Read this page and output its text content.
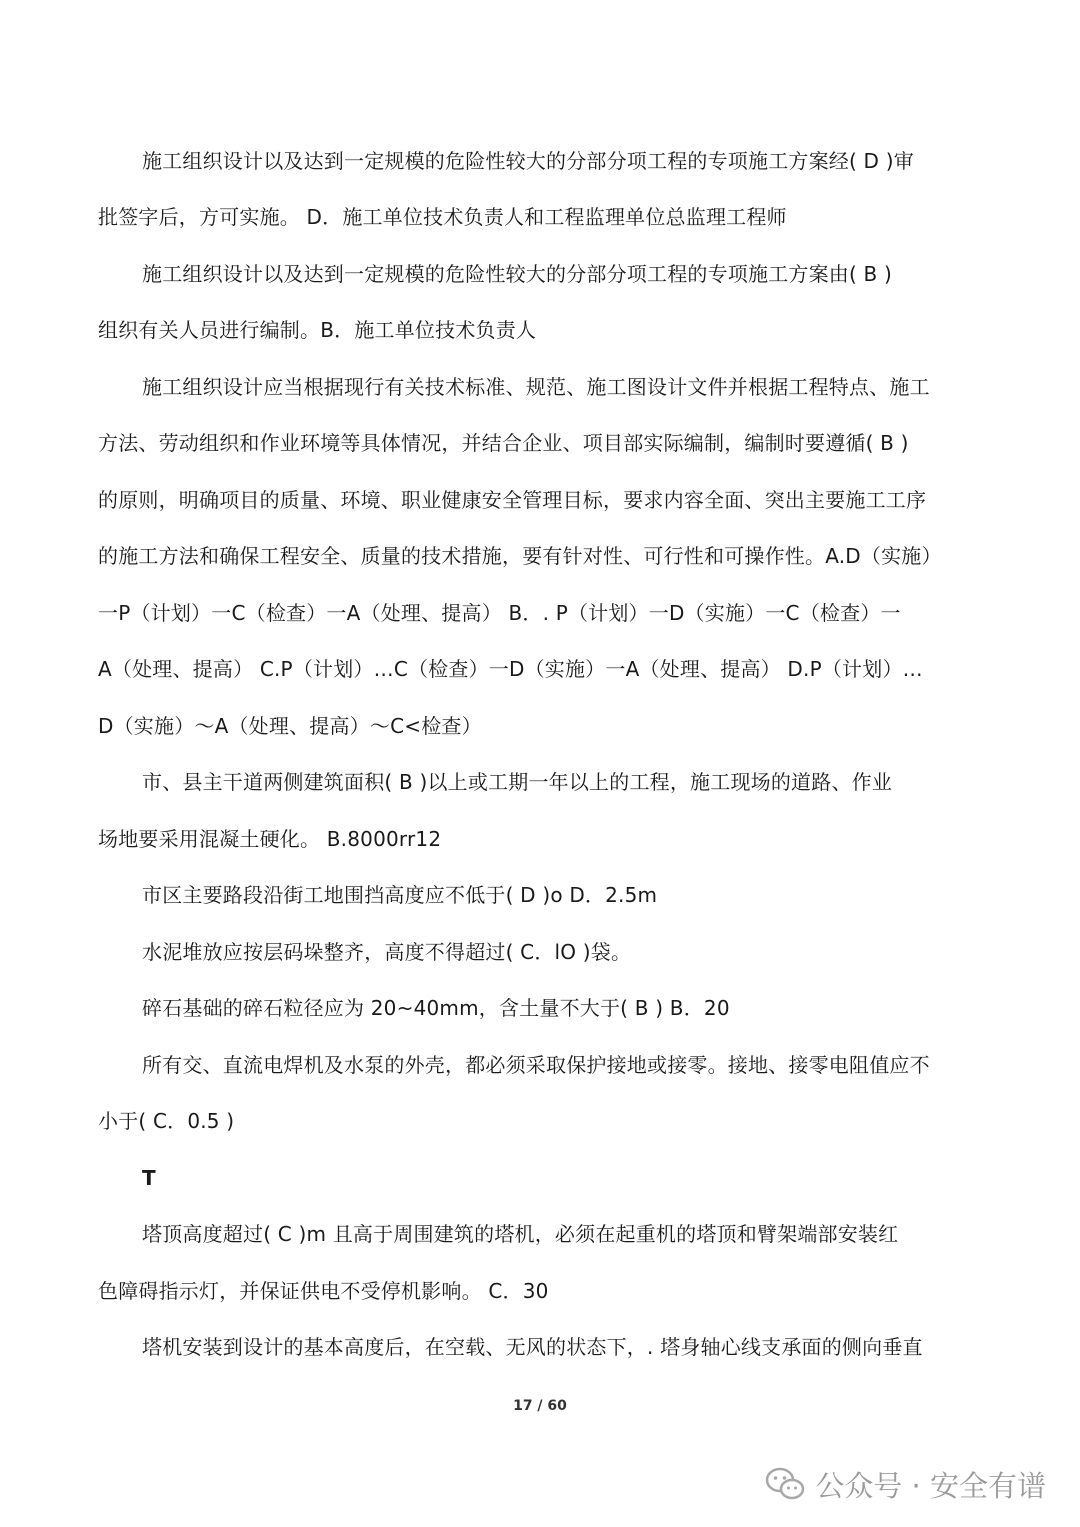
施工组织设计以及达到一定规模的危险性较大的分部分项工程的专项施工方案经( D )审
批签字后，方可实施。 D．施工单位技术负责人和工程监理单位总监理工程师
施工组织设计以及达到一定规模的危险性较大的分部分项工程的专项施工方案由( B )
组织有关人员进行编制。B．施工单位技术负责人
施工组织设计应当根据现行有关技术标准、规范、施工图设计文件并根据工程特点、施工
方法、劳动组织和作业环境等具体情况，并结合企业、项目部实际编制，编制时要遵循( B )
的原则，明确项目的质量、环境、职业健康安全管理目标，要求内容全面、突出主要施工工序
的施工方法和确保工程安全、质量的技术措施，要有针对性、可行性和可操作性。A.D（实施）
一P（计划）一C（检查）一A（处理、提高） B．. P（计划）一D（实施）一C（检查）一
A（处理、提高） C.P（计划）…C（检查）一D（实施）一A（处理、提高） D.P（计划）…
D（实施）～A（处理、提高）～C<检查）
市、县主干道两侧建筑面积( B )以上或工期一年以上的工程，施工现场的道路、作业
场地要采用混凝土硬化。 B.8000rr12
市区主要路段沿街工地围挡高度应不低于( D )o D．2.5m
水泥堆放应按层码垛整齐，高度不得超过( C．lO )袋。
碎石基础的碎石粒径应为 20~40mm，含土量不大于( B ) B．20
所有交、直流电焊机及水泵的外壳，都必须采取保护接地或接零。接地、接零电阻值应不
小于( C．0.5 )
T
塔顶高度超过( C )m 且高于周围建筑的塔机，必须在起重机的塔顶和臂架端部安装红
色障碍指示灯，并保证供电不受停机影响。 C．30
塔机安装到设计的基本高度后，在空载、无风的状态下，. 塔身轴心线支承面的侧向垂直
17 / 60
公众号 · 安全有谱
